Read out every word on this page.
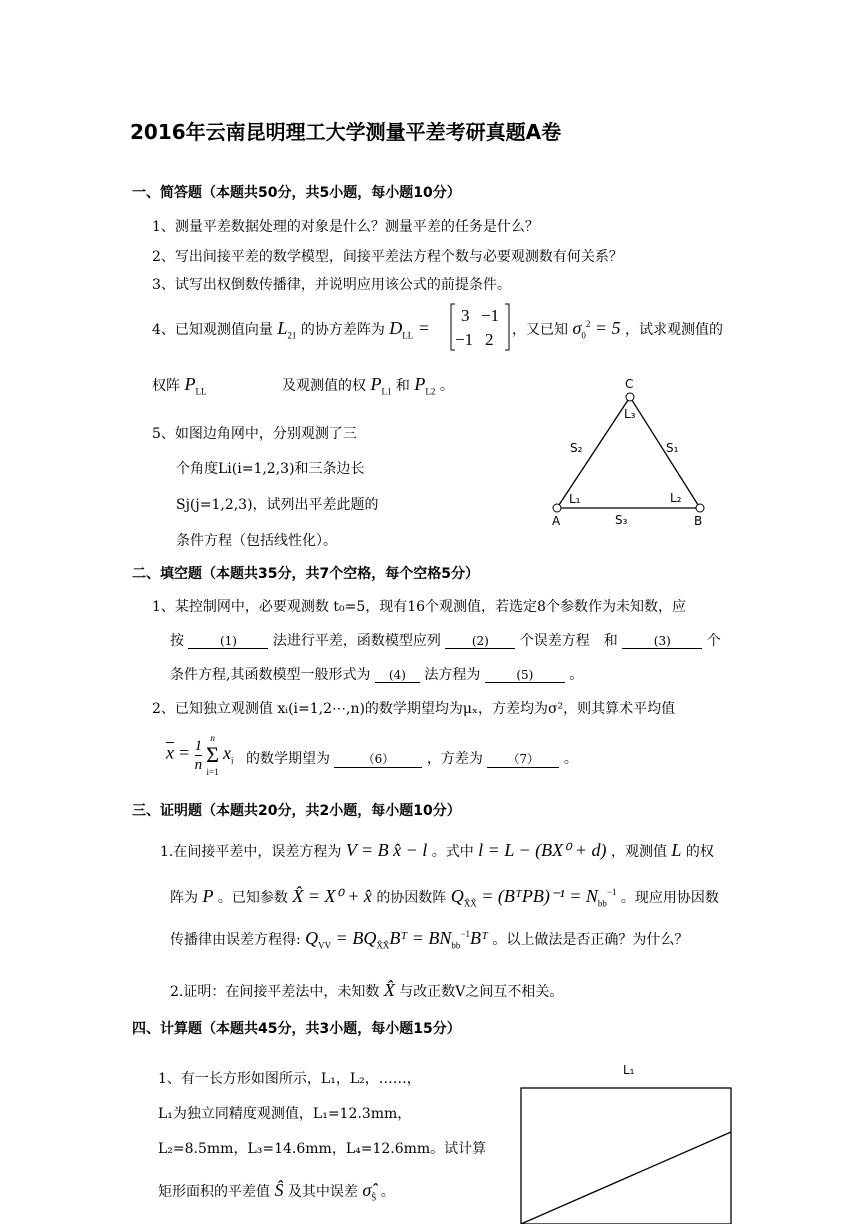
2016年云南昆明理工大学测量平差考研真题A卷
一、简答题（本题共50分，共5小题，每小题10分）
1、测量平差数据处理的对象是什么？测量平差的任务是什么？
2、写出间接平差的数学模型，间接平差法方程个数与必要观测数有何关系？
3、试写出权倒数传播律，并说明应用该公式的前提条件。
4、已知观测值向量 $L_{21}$ 的协方差阵为 $D_{LL}$ =
3 −1
−1 2 ，又已知 $\sigma_0^2 = 5$ ，试求观测值的
权阵 $P_{LL}$	及观测值的权 $P_{L1}$ 和 $P_{L2}$ 。
5、如图边角网中，分别观测了三
个角度Li(i=1,2,3)和三条边长
Sj(j=1,2,3)，试列出平差此题的
条件方程（包括线性化）。
C
A	B
L₃
L₁	L₂
S₂	S₁
S₃
二、填空题（本题共35分，共7个空格，每个空格5分）
1、某控制网中，必要观测数 t₀=5，现有16个观测值，若选定8个参数作为未知数，应
按	(1)	法进行平差，函数模型应列	(2) 个误差方程　和	(3)	个
条件方程,其函数模型一般形式为 (4) 法方程为	(5)	。
2、已知独立观测值 xᵢ(i=1,2⋯,n)的数学期望均为μₓ，方差均为σ²，则其算术平均值
$\overline{x} = \frac{1}{n}$
n
Σ
i=1
$x_i$ 的数学期望为	（6） ，方差为 （7） 。
三、证明题（本题共20分，共2小题，每小题10分）
1.在间接平差中，误差方程为 V = B x̂ − l 。式中 l = L − (BX⁰ + d) ，观测值 L 的权
阵为 P 。已知参数 X̂ = X⁰ + x̂ 的协因数阵 $Q_{X̂X̂}$ = (BᵀPB)⁻¹ = $N_{bb}^{-1}$ 。现应用协因数
传播律由误差方程得: $Q_{VV}$ = $BQ_{X̂X̂}Bᵀ$ = $BN_{bb}^{-1}Bᵀ$ 。以上做法是否正确？为什么？
2.证明：在间接平差法中，未知数 X̂ 与改正数V之间互不相关。
四、计算题（本题共45分，共3小题，每小题15分）
1、有一长方形如图所示，L₁，L₂，……，
L₁为独立同精度观测值，L₁=12.3mm，
L₂=8.5mm，L₃=14.6mm，L₄=12.6mm。试计算
矩形面积的平差值 Ŝ 及其中误差 $\sigmâ_Ŝ$ 。
L₁
